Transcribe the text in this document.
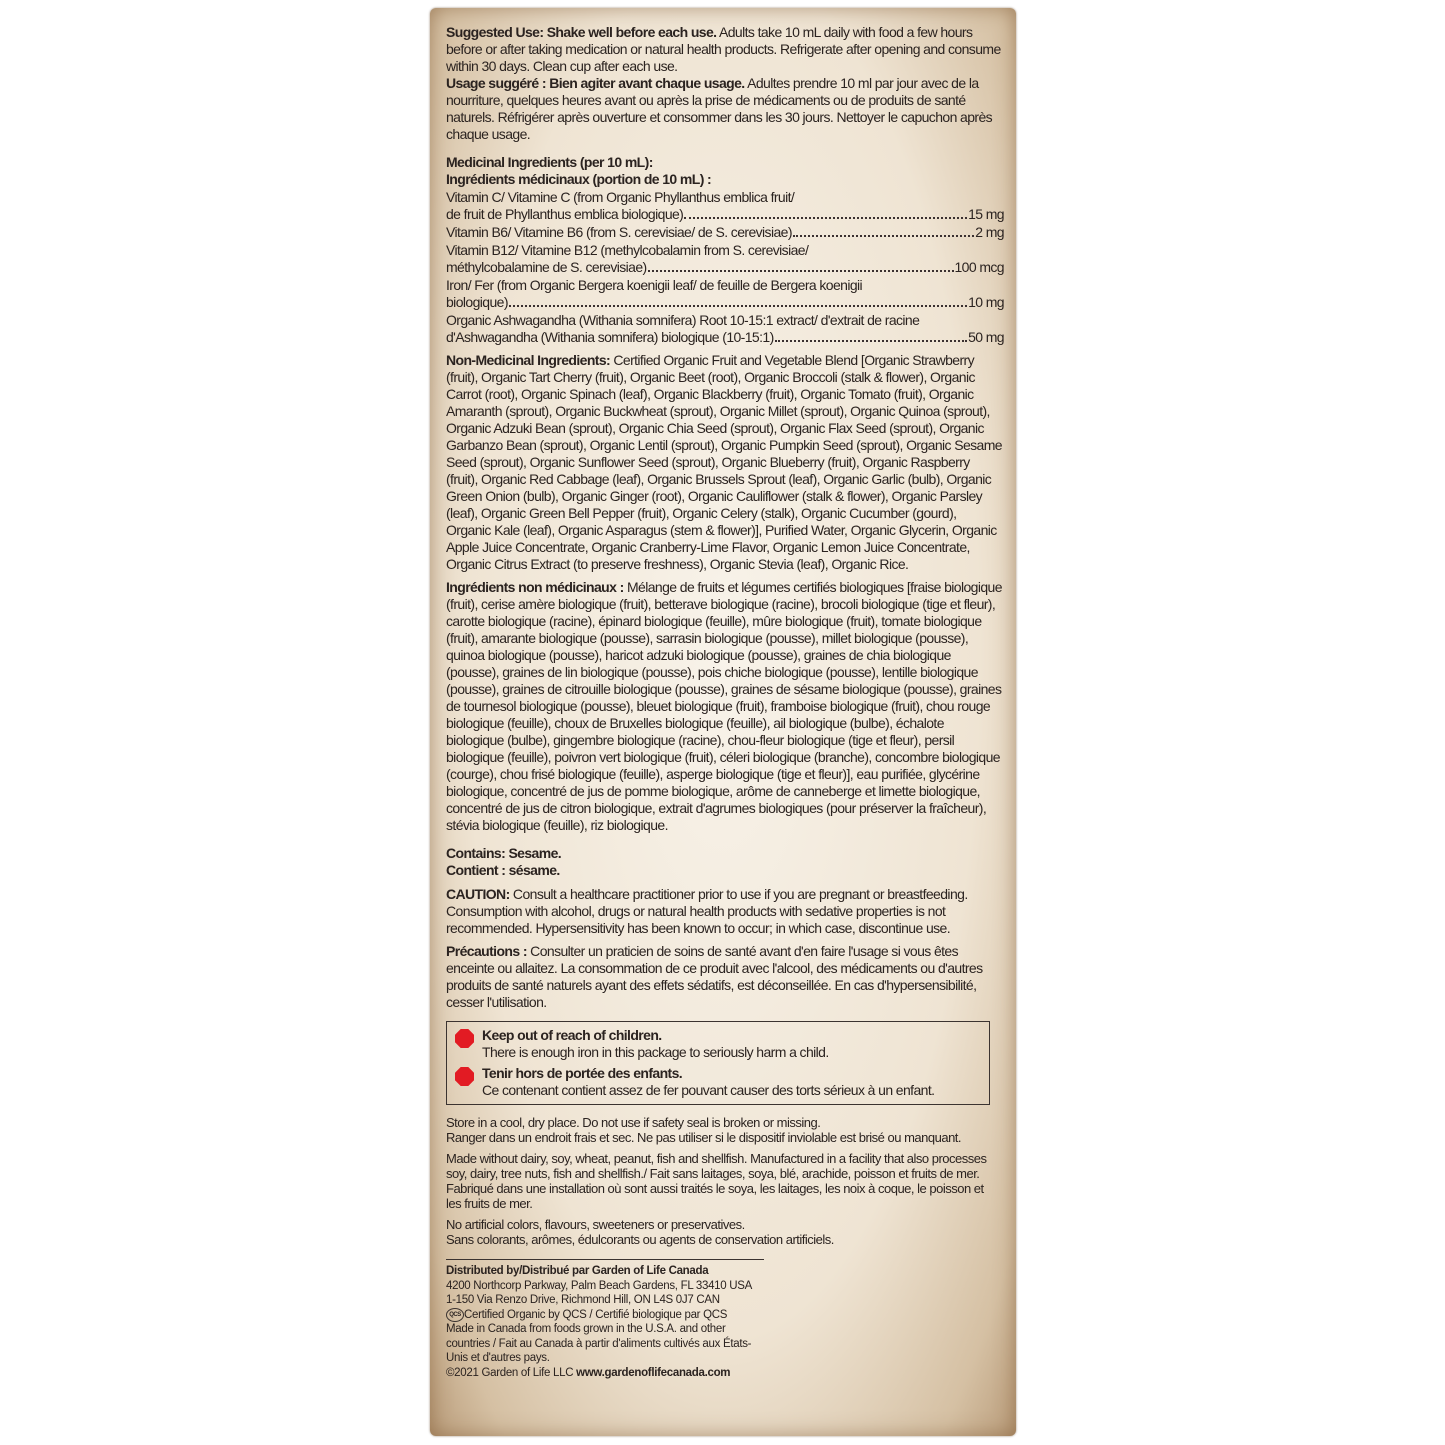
Suggested Use: Shake well before each use. Adults take 10 mL daily with food a few hours before or after taking medication or natural health products. Refrigerate after opening and consume within 30 days. Clean cup after each use.

Usage suggéré : Bien agiter avant chaque usage. Adultes prendre 10 ml par jour avec de la nourriture, quelques heures avant ou après la prise de médicaments ou de produits de santé naturels. Réfrigérer après ouverture et consommer dans les 30 jours. Nettoyer le capuchon après chaque usage.

Medicinal Ingredients (per 10 mL):

Ingrédients médicinaux (portion de 10 mL) :

Vitamin C/ Vitamine C (from Organic Phyllanthus emblica fruit/

de fruit de Phyllanthus emblica biologique)	15 mg
Vitamin B6/ Vitamine B6 (from S. cerevisiae/ de S. cerevisiae)	2 mg

Vitamin B12/ Vitamine B12 (methylcobalamin from S. cerevisiae/

méthylcobalamine de S. cerevisiae)	100 mcg

Iron/ Fer (from Organic Bergera koenigii leaf/ de feuille de Bergera koenigii

biologique)	10 mg

Organic Ashwagandha (Withania somnifera) Root 10-15:1 extract/ d'extrait de racine

d'Ashwagandha (Withania somnifera) biologique (10-15:1)	50 mg

Non-Medicinal Ingredients: Certified Organic Fruit and Vegetable Blend [Organic Strawberry (fruit), Organic Tart Cherry (fruit), Organic Beet (root), Organic Broccoli (stalk & flower), Organic Carrot (root), Organic Spinach (leaf), Organic Blackberry (fruit), Organic Tomato (fruit), Organic Amaranth (sprout), Organic Buckwheat (sprout), Organic Millet (sprout), Organic Quinoa (sprout), Organic Adzuki Bean (sprout), Organic Chia Seed (sprout), Organic Flax Seed (sprout), Organic Garbanzo Bean (sprout), Organic Lentil (sprout), Organic Pumpkin Seed (sprout), Organic Sesame Seed (sprout), Organic Sunflower Seed (sprout), Organic Blueberry (fruit), Organic Raspberry (fruit), Organic Red Cabbage (leaf), Organic Brussels Sprout (leaf), Organic Garlic (bulb), Organic Green Onion (bulb), Organic Ginger (root), Organic Cauliflower (stalk & flower), Organic Parsley (leaf), Organic Green Bell Pepper (fruit), Organic Celery (stalk), Organic Cucumber (gourd), Organic Kale (leaf), Organic Asparagus (stem & flower)], Purified Water, Organic Glycerin, Organic Apple Juice Concentrate, Organic Cranberry-Lime Flavor, Organic Lemon Juice Concentrate, Organic Citrus Extract (to preserve freshness), Organic Stevia (leaf), Organic Rice.

Ingrédients non médicinaux : Mélange de fruits et légumes certifiés biologiques [fraise biologique (fruit), cerise amère biologique (fruit), betterave biologique (racine), brocoli biologique (tige et fleur), carotte biologique (racine), épinard biologique (feuille), mûre biologique (fruit), tomate biologique (fruit), amarante biologique (pousse), sarrasin biologique (pousse), millet biologique (pousse), quinoa biologique (pousse), haricot adzuki biologique (pousse), graines de chia biologique (pousse), graines de lin biologique (pousse), pois chiche biologique (pousse), lentille biologique (pousse), graines de citrouille biologique (pousse), graines de sésame biologique (pousse), graines de tournesol biologique (pousse), bleuet biologique (fruit), framboise biologique (fruit), chou rouge biologique (feuille), choux de Bruxelles biologique (feuille), ail biologique (bulbe), échalote biologique (bulbe), gingembre biologique (racine), chou-fleur biologique (tige et fleur), persil biologique (feuille), poivron vert biologique (fruit), céleri biologique (branche), concombre biologique (courge), chou frisé biologique (feuille), asperge biologique (tige et fleur)], eau purifiée, glycérine biologique, concentré de jus de pomme biologique, arôme de canneberge et limette biologique, concentré de jus de citron biologique, extrait d'agrumes biologiques (pour préserver la fraîcheur), stévia biologique (feuille), riz biologique.

Contains: Sesame.

Contient : sésame.

CAUTION: Consult a healthcare practitioner prior to use if you are pregnant or breastfeeding. Consumption with alcohol, drugs or natural health products with sedative properties is not recommended. Hypersensitivity has been known to occur; in which case, discontinue use.

Précautions : Consulter un praticien de soins de santé avant d'en faire l'usage si vous êtes enceinte ou allaitez. La consommation de ce produit avec l'alcool, des médicaments ou d'autres produits de santé naturels ayant des effets sédatifs, est déconseillée. En cas d'hypersensibilité, cesser l'utilisation.

Keep out of reach of children.

There is enough iron in this package to seriously harm a child.

Tenir hors de portée des enfants.

Ce contenant contient assez de fer pouvant causer des torts sérieux à un enfant.

Store in a cool, dry place. Do not use if safety seal is broken or missing.

Ranger dans un endroit frais et sec. Ne pas utiliser si le dispositif inviolable est brisé ou manquant.

Made without dairy, soy, wheat, peanut, fish and shellfish. Manufactured in a facility that also processes soy, dairy, tree nuts, fish and shellfish./ Fait sans laitages, soya, blé, arachide, poisson et fruits de mer. Fabriqué dans une installation où sont aussi traités le soya, les laitages, les noix à coque, le poisson et les fruits de mer.

No artificial colors, flavours, sweeteners or preservatives.

Sans colorants, arômes, édulcorants ou agents de conservation artificiels.

Distributed by/Distribué par Garden of Life Canada

4200 Northcorp Parkway, Palm Beach Gardens, FL 33410 USA

1-150 Via Renzo Drive, Richmond Hill, ON L4S 0J7 CAN

QCS Certified Organic by QCS / Certifié biologique par QCS

Made in Canada from foods grown in the U.S.A. and other countries / Fait au Canada à partir d'aliments cultivés aux États-Unis et d'autres pays.

©2021 Garden of Life LLC www.gardenoflifecanada.com
